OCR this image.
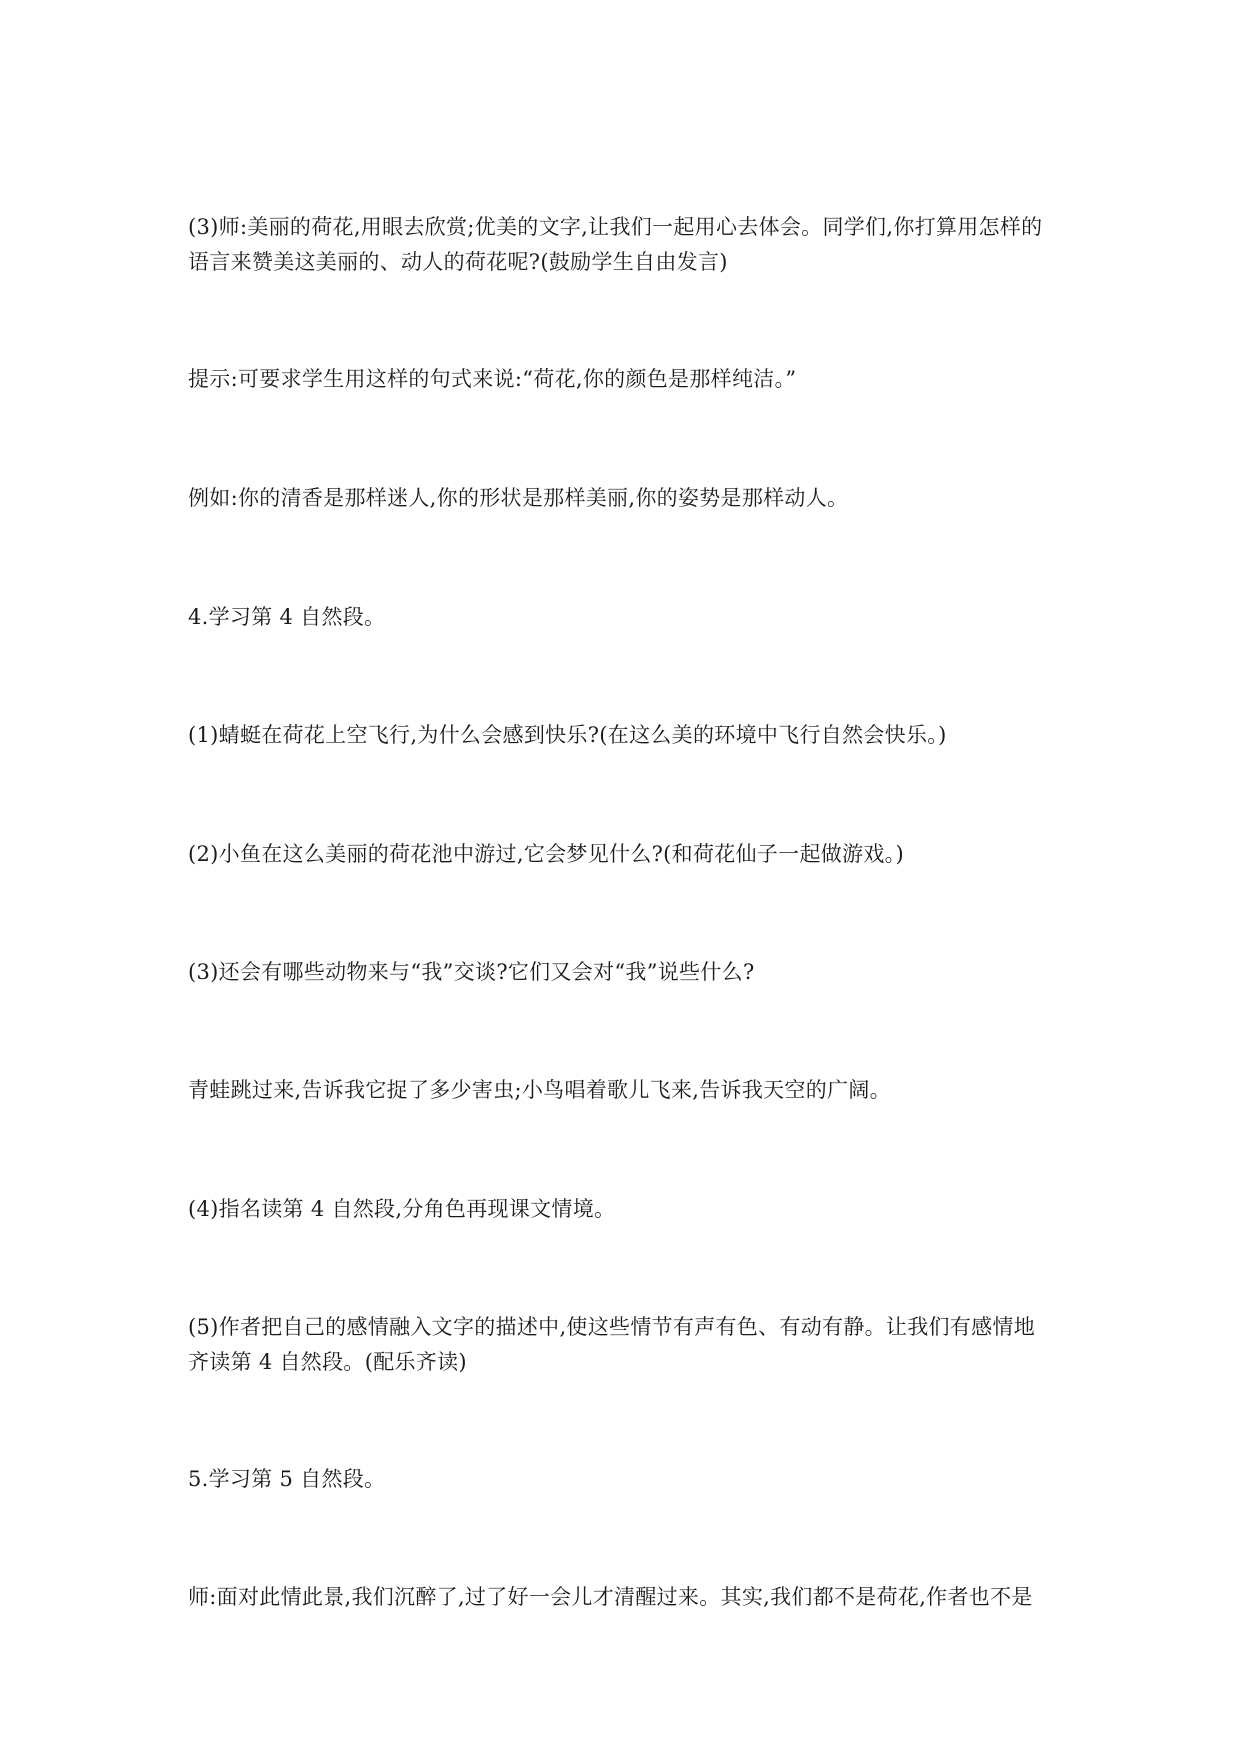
(3)师:美丽的荷花,用眼去欣赏;优美的文字,让我们一起用心去体会。同学们,你打算用怎样的
语言来赞美这美丽的、动人的荷花呢?(鼓励学生自由发言)

提示:可要求学生用这样的句式来说:“荷花,你的颜色是那样纯洁。”

例如:你的清香是那样迷人,你的形状是那样美丽,你的姿势是那样动人。

4.学习第 4 自然段。

(1)蜻蜓在荷花上空飞行,为什么会感到快乐?(在这么美的环境中飞行自然会快乐。)

(2)小鱼在这么美丽的荷花池中游过,它会梦见什么?(和荷花仙子一起做游戏。)

(3)还会有哪些动物来与“我”交谈?它们又会对“我”说些什么?

青蛙跳过来,告诉我它捉了多少害虫;小鸟唱着歌儿飞来,告诉我天空的广阔。

(4)指名读第 4 自然段,分角色再现课文情境。

(5)作者把自己的感情融入文字的描述中,使这些情节有声有色、有动有静。让我们有感情地
齐读第 4 自然段。(配乐齐读)

5.学习第 5 自然段。

师:面对此情此景,我们沉醉了,过了好一会儿才清醒过来。其实,我们都不是荷花,作者也不是
